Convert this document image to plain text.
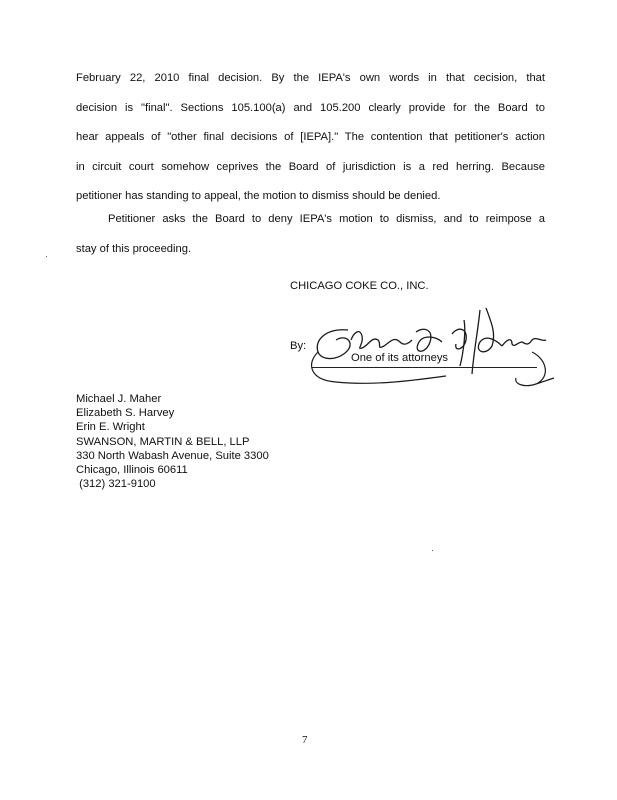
February 22, 2010 final decision. By the IEPA's own words in that cecision, that
decision is "final". Sections 105.100(a) and 105.200 clearly provide for the Board to
hear appeals of "other final decisions of [IEPA]." The contention that petitioner's action
in circuit court somehow ceprives the Board of jurisdiction is a red herring. Because
petitioner has standing to appeal, the motion to dismiss should be denied.
Petitioner asks the Board to deny IEPA's motion to dismiss, and to reimpose a
stay of this proceeding.
CHICAGO COKE CO., INC.
By:
One of its attorneys
Michael J. Maher
Elizabeth S. Harvey
Erin E. Wright
SWANSON, MARTIN & BELL, LLP
330 North Wabash Avenue, Suite 3300
Chicago, Illinois 60611
(312) 321-9100
7
